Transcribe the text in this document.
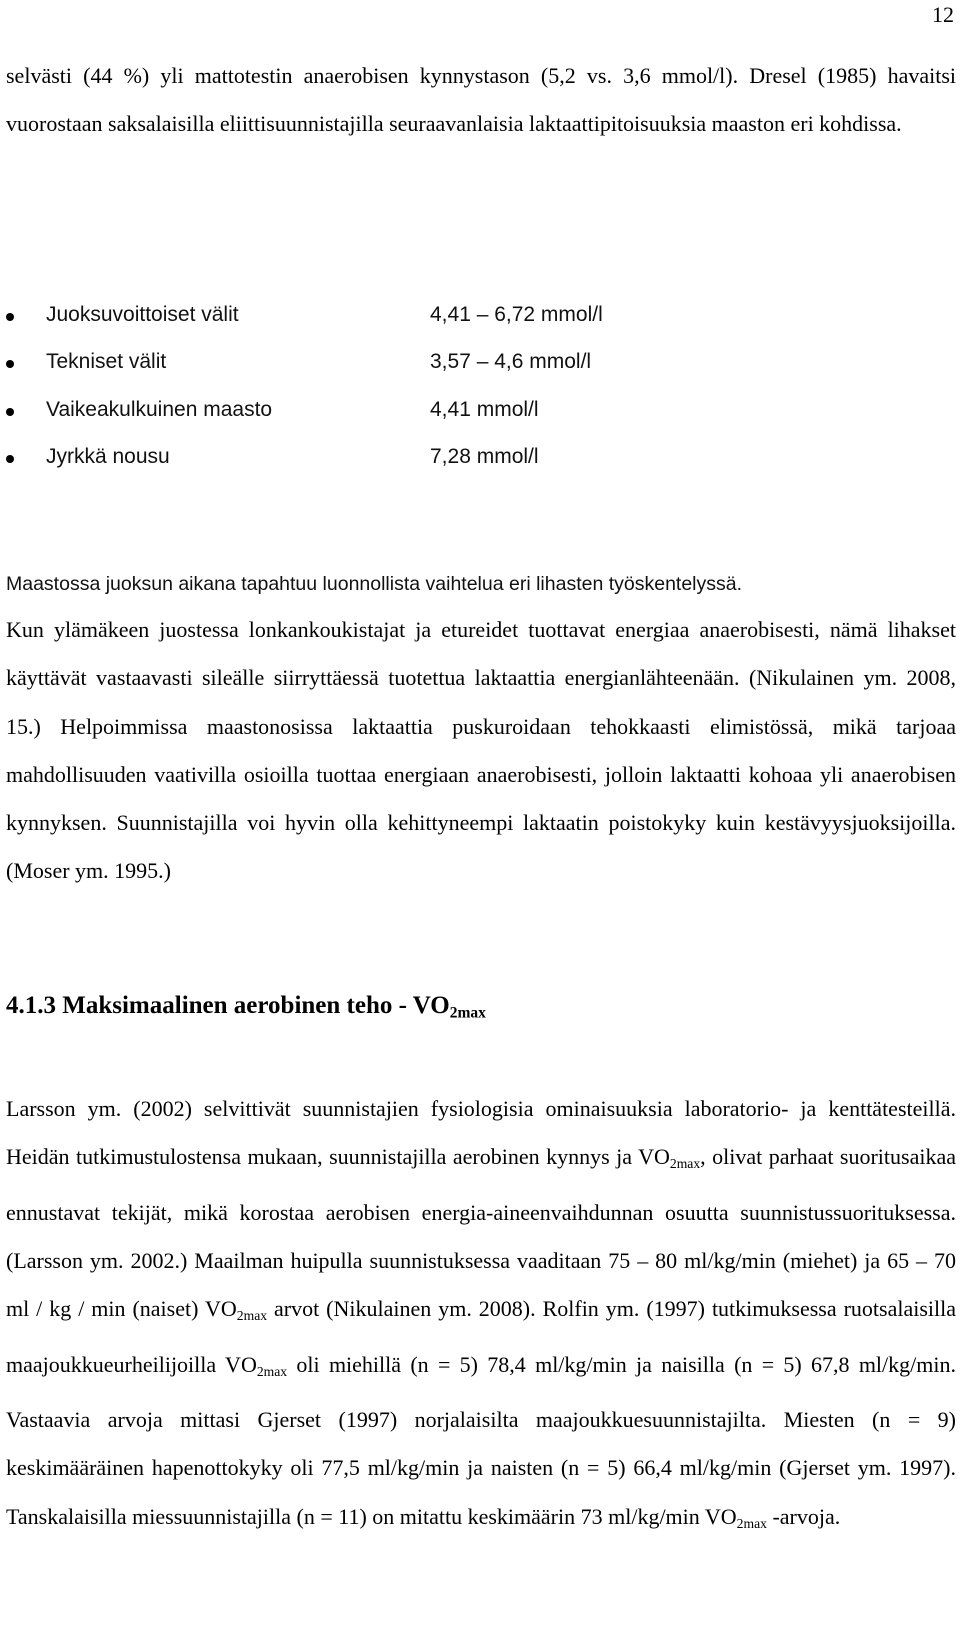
12

selvästi (44 %) yli mattotestin anaerobisen kynnystason (5,2 vs. 3,6 mmol/l). Dresel (1985) havaitsi vuorostaan saksalaisilla eliittisuunnistajilla seuraavanlaisia laktaattipitoisuuksia maaston eri kohdissa.

Juoksuvoittoiset välit	4,41 – 6,72 mmol/l
Tekniset välit	3,57 – 4,6 mmol/l
Vaikeakulkuinen maasto	4,41 mmol/l
Jyrkkä nousu	7,28 mmol/l

Maastossa juoksun aikana tapahtuu luonnollista vaihtelua eri lihasten työskentelyssä.

Kun ylämäkeen juostessa lonkankoukistajat ja etureidet tuottavat energiaa anaerobisesti, nämä lihakset käyttävät vastaavasti sileälle siirryttäessä tuotettua laktaattia energianlähteenään. (Nikulainen ym. 2008, 15.) Helpoimmissa maastonosissa laktaattia puskuroidaan tehokkaasti elimistössä, mikä tarjoaa mahdollisuuden vaativilla osioilla tuottaa energiaan anaerobisesti, jolloin laktaatti kohoaa yli anaerobisen kynnyksen. Suunnistajilla voi hyvin olla kehittyneempi laktaatin poistokyky kuin kestävyysjuoksijoilla. (Moser ym. 1995.)

4.1.3 Maksimaalinen aerobinen teho - $VO_{2max}$

Larsson ym. (2002) selvittivät suunnistajien fysiologisia ominaisuuksia laboratorio- ja kenttätesteillä. Heidän tutkimustulostensa mukaan, suunnistajilla aerobinen kynnys ja $VO_{2max}$, olivat parhaat suoritusaikaa ennustavat tekijät, mikä korostaa aerobisen energia-aineenvaihdunnan osuutta suunnistussuorituksessa. (Larsson ym. 2002.) Maailman huipulla suunnistuksessa vaaditaan 75 – 80 ml/kg/min (miehet) ja 65 – 70 ml / kg / min (naiset) $VO_{2max}$ arvot (Nikulainen ym. 2008). Rolfin ym. (1997) tutkimuksessa ruotsalaisilla maajoukkueurheilijoilla $VO_{2max}$ oli miehillä (n = 5) 78,4 ml/kg/min ja naisilla (n = 5) 67,8 ml/kg/min. Vastaavia arvoja mittasi Gjerset (1997) norjalaisilta maajoukkuesuunnistajilta. Miesten (n = 9) keskimääräinen hapenottokyky oli 77,5 ml/kg/min ja naisten (n = 5) 66,4 ml/kg/min (Gjerset ym. 1997). Tanskalaisilla miessuunnistajilla (n = 11) on mitattu keskimäärin 73 ml/kg/min $VO_{2max}$ -arvoja.
